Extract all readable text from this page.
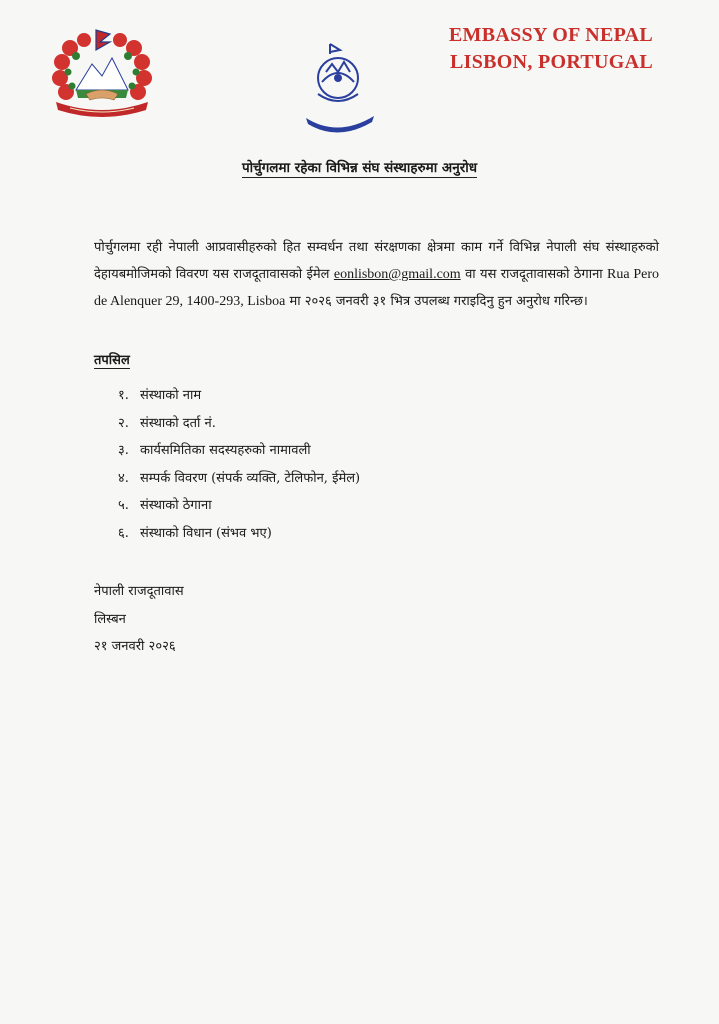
EMBASSY OF NEPAL
LISBON, PORTUGAL
पोर्चुगलमा रहेका विभिन्न संघ संस्थाहरुमा अनुरोध
पोर्चुगलमा रही नेपाली आप्रवासीहरुको हित सम्वर्धन तथा संरक्षणका क्षेत्रमा काम गर्ने विभिन्न नेपाली संघ संस्थाहरुको देहायबमोजिमको विवरण यस राजदूतावासको ईमेल eonlisbon@gmail.com वा यस राजदूतावासको ठेगाना Rua Pero de Alenquer 29, 1400-293, Lisboa मा २०२६ जनवरी ३१ भित्र उपलब्ध गराइदिनु हुन अनुरोध गरिन्छ।
तपसिल
१. संस्थाको नाम
२. संस्थाको दर्ता नं.
३. कार्यसमितिका सदस्यहरुको नामावली
४. सम्पर्क विवरण (संपर्क व्यक्ति, टेलिफोन, ईमेल)
५. संस्थाको ठेगाना
६. संस्थाको विधान (संभव भए)
नेपाली राजदूतावास
लिस्बन
२१ जनवरी २०२६
